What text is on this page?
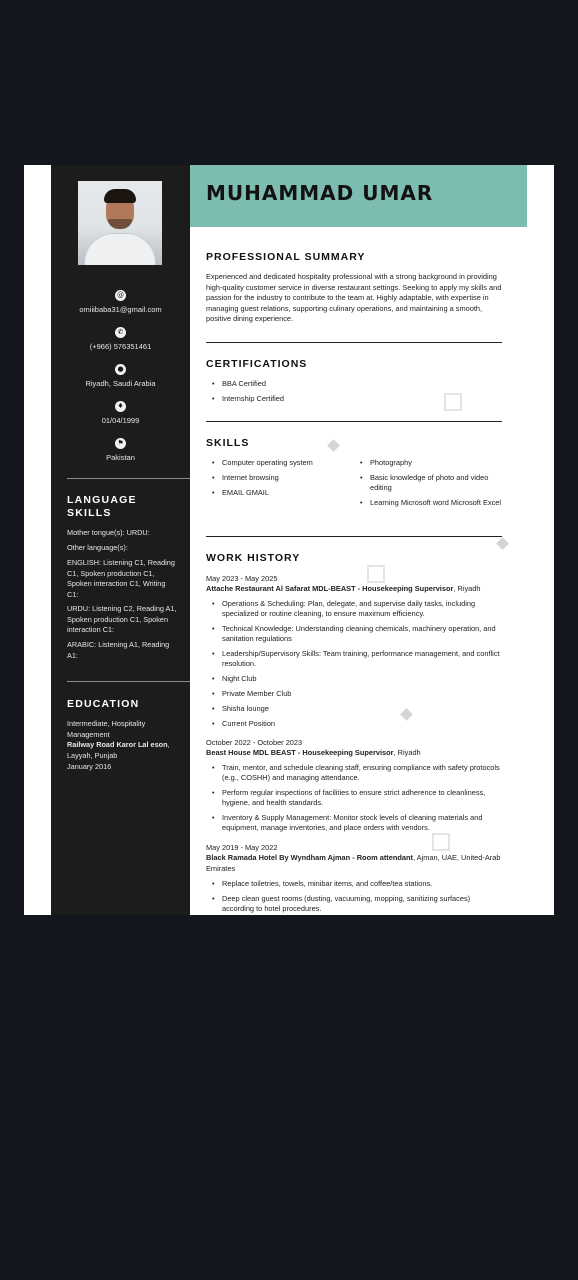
@
omiiibaba31@gmail.com
✆
(+966) 576351461
●
Riyadh, Saudi Arabia
♦
01/04/1999
⚑
Pakistan
LANGUAGE SKILLS
Mother tongue(s): URDU:
Other language(s):
ENGLISH: Listening C1, Reading C1, Spoken production C1, Spoken interaction C1, Writing C1:
URDU: Listening C2, Reading A1, Spoken production C1, Spoken interaction C1:
ARABIC: Listening A1, Reading A1:
EDUCATION
Intermediate, Hospitality Management
Railway Road Karor Lal eson,
Layyah, Punjab
January 2016
MUHAMMAD UMAR
PROFESSIONAL SUMMARY
Experienced and dedicated hospitality professional with a strong background in providing high-quality customer service in diverse restaurant settings. Seeking to apply my skills and passion for the industry to contribute to the team at. Highly adaptable, with expertise in managing guest relations, supporting culinary operations, and maintaining a smooth, positive dining experience.
CERTIFICATIONS
• BBA Certified
• Internship Certified
SKILLS
• Computer operating system
• Internet browsing
• EMAIL GMAIL
• Photography
• Basic knowledge of photo and video editing
• Learning Microsoft word Microsoft Excel
WORK HISTORY
May 2023 - May 2025
Attache Restaurant Al Safarat MDL-BEAST - Housekeeping Supervisor, Riyadh
• Operations & Scheduling: Plan, delegate, and supervise daily tasks, including specialized or routine cleaning, to ensure maximum efficiency.
• Technical Knowledge: Understanding cleaning chemicals, machinery operation, and sanitation regulations
• Leadership/Supervisory Skills: Team training, performance management, and conflict resolution.
• Night Club
• Private Member Club
• Shisha lounge
• Current Position
October 2022 - October 2023
Beast House MDL BEAST - Housekeeping Supervisor, Riyadh
• Train, mentor, and schedule cleaning staff, ensuring compliance with safety protocols (e.g., COSHH) and managing attendance.
• Perform regular inspections of facilities to ensure strict adherence to cleanliness, hygiene, and health standards.
• Inventory & Supply Management: Monitor stock levels of cleaning materials and equipment, manage inventories, and place orders with vendors.
May 2019 - May 2022
Black Ramada Hotel By Wyndham Ajman - Room attendant, Ajman, UAE, United-Arab Emirates
• Replace toiletries, towels, minibar items, and coffee/tea stations.
• Deep clean guest rooms (dusting, vacuuming, mopping, sanitizing surfaces) according to hotel procedures.
